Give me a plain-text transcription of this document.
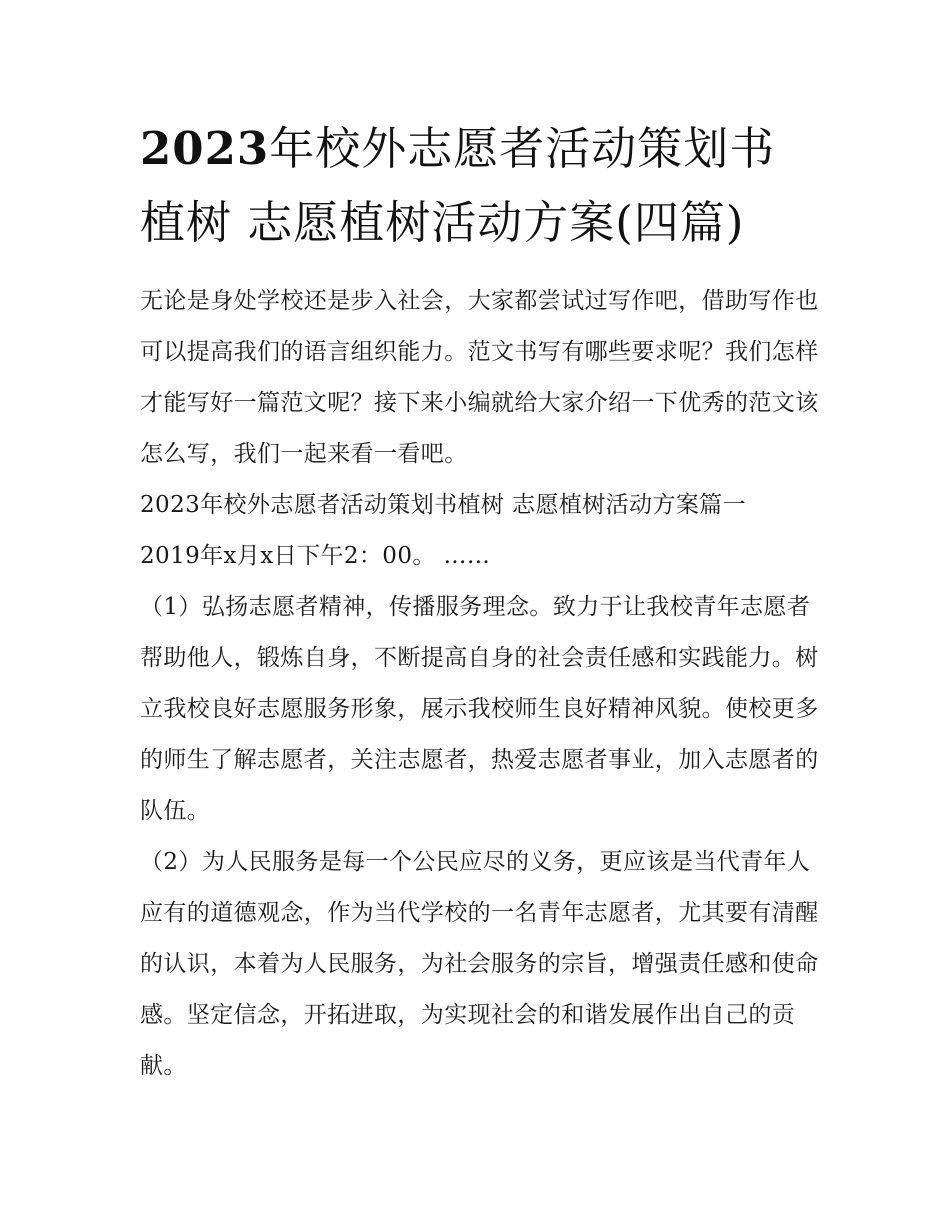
2023年校外志愿者活动策划书植树 志愿植树活动方案(四篇)

无论是身处学校还是步入社会，大家都尝试过写作吧，借助写作也可以提高我们的语言组织能力。范文书写有哪些要求呢？我们怎样才能写好一篇范文呢？接下来小编就给大家介绍一下优秀的范文该怎么写，我们一起来看一看吧。

2023年校外志愿者活动策划书植树 志愿植树活动方案篇一

2019年x月x日下午2：00。 ……

（1）弘扬志愿者精神，传播服务理念。致力于让我校青年志愿者帮助他人，锻炼自身，不断提高自身的社会责任感和实践能力。树立我校良好志愿服务形象，展示我校师生良好精神风貌。使校更多的师生了解志愿者，关注志愿者，热爱志愿者事业，加入志愿者的队伍。

（2）为人民服务是每一个公民应尽的义务，更应该是当代青年人应有的道德观念，作为当代学校的一名青年志愿者，尤其要有清醒的认识，本着为人民服务，为社会服务的宗旨，增强责任感和使命感。坚定信念，开拓进取，为实现社会的和谐发展作出自己的贡献。
